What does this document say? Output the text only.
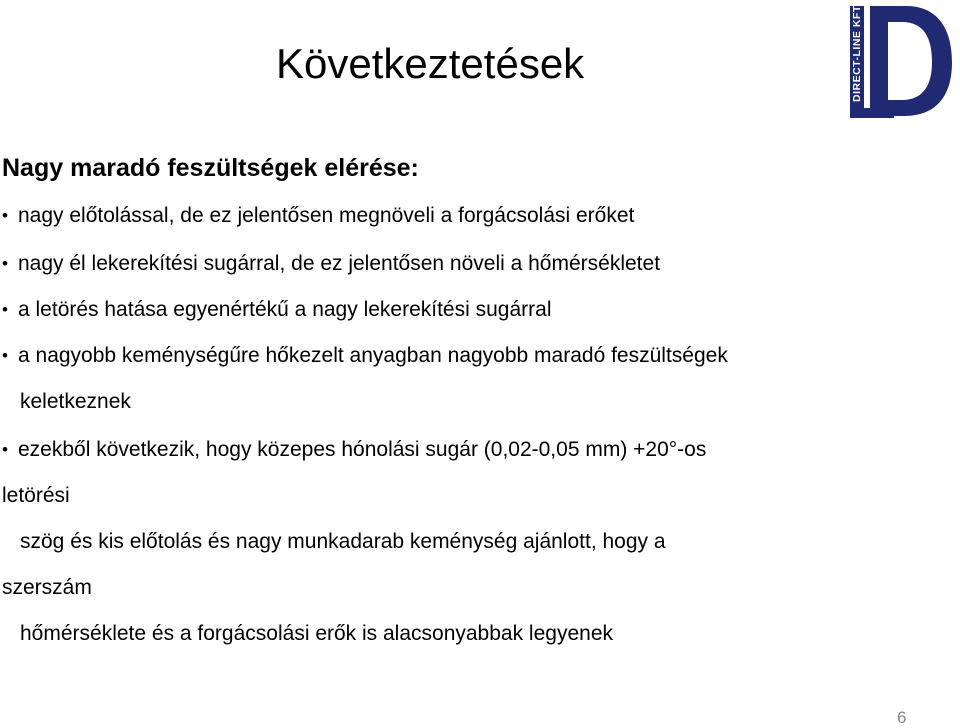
Következtetések	DIRECT-LINE KFT.
Nagy maradó feszültségek elérése:
• nagy előtolással, de ez jelentősen megnöveli a forgácsolási erőket
• nagy él lekerekítési sugárral, de ez jelentősen növeli a hőmérsékletet
• a letörés hatása egyenértékű a nagy lekerekítési sugárral
• a nagyobb keménységűre hőkezelt anyagban nagyobb maradó feszültségek
keletkeznek
• ezekből következik, hogy közepes hónolási sugár (0,02-0,05 mm) +20°-os
letörési
szög és kis előtolás és nagy munkadarab keménység ajánlott, hogy a
szerszám
hőmérséklete és a forgácsolási erők is alacsonyabbak legyenek
6
